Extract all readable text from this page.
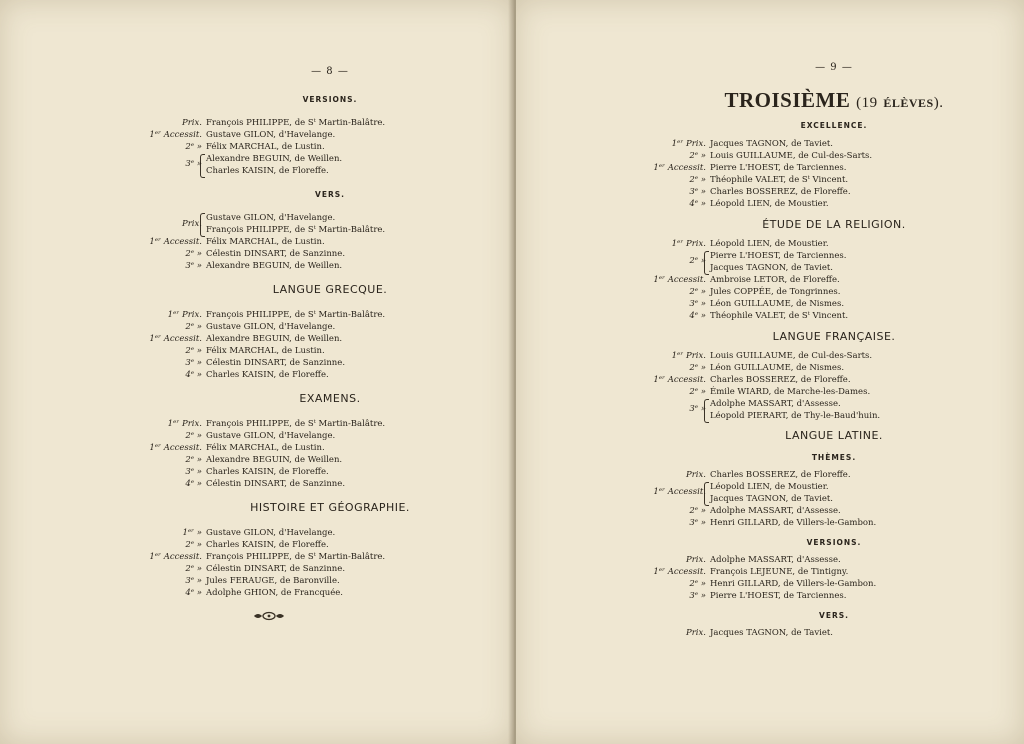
— 8 —
VERSIONS.
Prix. François PHILIPPE, de Sᵗ Martin-Balâtre.
1ᵉʳ Accessit. Gustave GILON, d'Havelange.
2ᵉ » Félix MARCHAL, de Lustin.
3ᵉ » Alexandre BEGUIN, de Weillen.
Charles KAISIN, de Floreffe.
VERS.
Gustave GILON, d'Havelange.
Prix.
François PHILIPPE, de Sᵗ Martin-Balâtre.
1ᵉʳ Accessit. Félix MARCHAL, de Lustin.
2ᵉ » Célestin DINSART, de Sanzinne.
3ᵉ » Alexandre BEGUIN, de Weillen.
LANGUE GRECQUE.
1ᵉʳ Prix. François PHILIPPE, de Sᵗ Martin-Balâtre.
2ᵉ » Gustave GILON, d'Havelange.
1ᵉʳ Accessit. Alexandre BEGUIN, de Weillen.
2ᵉ » Félix MARCHAL, de Lustin.
3ᵉ » Célestin DINSART, de Sanzinne.
4ᵉ » Charles KAISIN, de Floreffe.
EXAMENS.
1ᵉʳ Prix. François PHILIPPE, de Sᵗ Martin-Balâtre.
2ᵉ » Gustave GILON, d'Havelange.
1ᵉʳ Accessit. Félix MARCHAL, de Lustin.
2ᵉ » Alexandre BEGUIN, de Weillen.
3ᵉ » Charles KAISIN, de Floreffe.
4ᵉ » Célestin DINSART, de Sanzinne.
HISTOIRE ET GÉOGRAPHIE.
1ᵉʳ » Gustave GILON, d'Havelange.
2ᵉ » Charles KAISIN, de Floreffe.
1ᵉʳ Accessit. François PHILIPPE, de Sᵗ Martin-Balâtre.
2ᵉ » Célestin DINSART, de Sanzinne.
3ᵉ » Jules FERAUGE, de Baronville.
4ᵉ » Adolphe GHION, de Francquée.
— 9 —
TROISIÈME (19 ÉLÈVES).
EXCELLENCE.
1ᵉʳ Prix. Jacques TAGNON, de Taviet.
2ᵉ » Louis GUILLAUME, de Cul-des-Sarts.
1ᵉʳ Accessit. Pierre L'HOEST, de Tarciennes.
2ᵉ » Théophile VALET, de Sᵗ Vincent.
3ᵉ » Charles BOSSEREZ, de Floreffe.
4ᵉ » Léopold LIEN, de Moustier.
ÉTUDE DE LA RELIGION.
1ᵉʳ Prix. Léopold LIEN, de Moustier.
2ᵉ » Pierre L'HOEST, de Tarciennes.
Jacques TAGNON, de Taviet.
1ᵉʳ Accessit. Ambroise LETOR, de Floreffe.
2ᵉ » Jules COPPÉE, de Tongrinnes.
3ᵉ » Léon GUILLAUME, de Nismes.
4ᵉ » Théophile VALET, de Sᵗ Vincent.
LANGUE FRANÇAISE.
1ᵉʳ Prix. Louis GUILLAUME, de Cul-des-Sarts.
2ᵉ » Léon GUILLAUME, de Nismes.
1ᵉʳ Accessit. Charles BOSSEREZ, de Floreffe.
2ᵉ » Émile WIARD, de Marche-les-Dames.
3ᵉ » Adolphe MASSART, d'Assesse.
Léopold PIERART, de Thy-le-Baud'huin.
LANGUE LATINE.
THÈMES.
Prix. Charles BOSSEREZ, de Floreffe.
1ᵉʳ Accessit. Léopold LIEN, de Moustier.
Jacques TAGNON, de Taviet.
2ᵉ » Adolphe MASSART, d'Assesse.
3ᵉ » Henri GILLARD, de Villers-le-Gambon.
VERSIONS.
Prix. Adolphe MASSART, d'Assesse.
1ᵉʳ Accessit. François LEJEUNE, de Tintigny.
2ᵉ » Henri GILLARD, de Villers-le-Gambon.
3ᵉ » Pierre L'HOEST, de Tarciennes.
VERS.
Prix. Jacques TAGNON, de Taviet.
